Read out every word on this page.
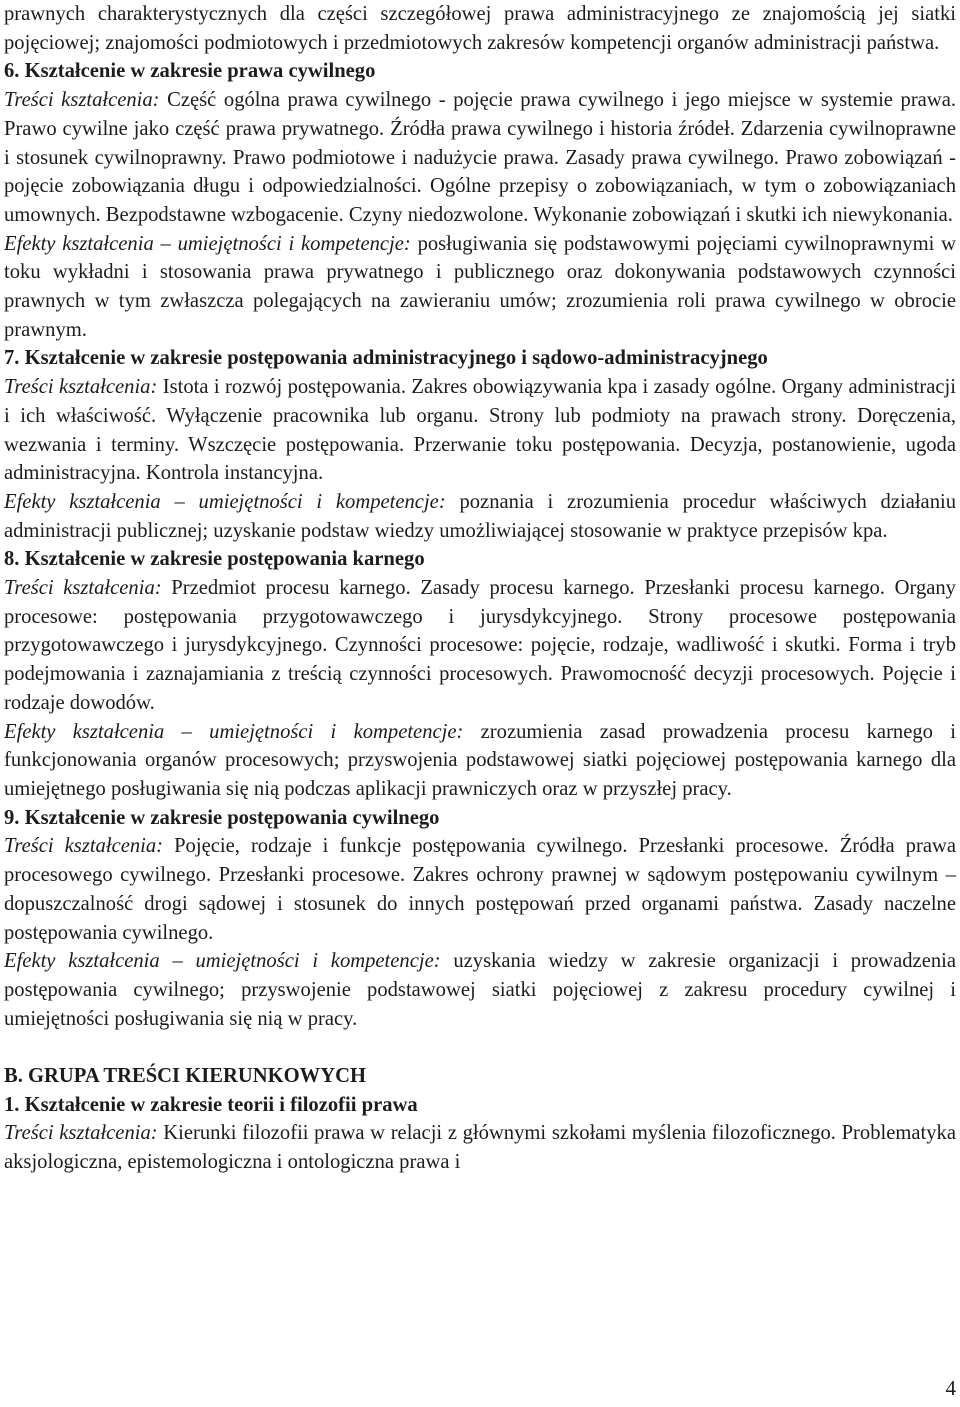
prawnych charakterystycznych dla części szczegółowej prawa administracyjnego ze znajomością jej siatki pojęciowej; znajomości podmiotowych i przedmiotowych zakresów kompetencji organów administracji państwa.

6. Kształcenie w zakresie prawa cywilnego

Treści kształcenia: Część ogólna prawa cywilnego - pojęcie prawa cywilnego i jego miejsce w systemie prawa. Prawo cywilne jako część prawa prywatnego. Źródła prawa cywilnego i historia źródeł. Zdarzenia cywilnoprawne i stosunek cywilnoprawny. Prawo podmiotowe i nadużycie prawa. Zasady prawa cywilnego. Prawo zobowiązań - pojęcie zobowiązania długu i odpowiedzialności. Ogólne przepisy o zobowiązaniach, w tym o zobowiązaniach umownych. Bezpodstawne wzbogacenie. Czyny niedozwolone. Wykonanie zobowiązań i skutki ich niewykonania.

Efekty kształcenia – umiejętności i kompetencje: posługiwania się podstawowymi pojęciami cywilnoprawnymi w toku wykładni i stosowania prawa prywatnego i publicznego oraz dokonywania podstawowych czynności prawnych w tym zwłaszcza polegających na zawieraniu umów; zrozumienia roli prawa cywilnego w obrocie prawnym.

7. Kształcenie w zakresie postępowania administracyjnego i sądowo-administracyjnego

Treści kształcenia: Istota i rozwój postępowania. Zakres obowiązywania kpa i zasady ogólne. Organy administracji i ich właściwość. Wyłączenie pracownika lub organu. Strony lub podmioty na prawach strony. Doręczenia, wezwania i terminy. Wszczęcie postępowania. Przerwanie toku postępowania. Decyzja, postanowienie, ugoda administracyjna. Kontrola instancyjna.

Efekty kształcenia – umiejętności i kompetencje: poznania i zrozumienia procedur właściwych działaniu administracji publicznej; uzyskanie podstaw wiedzy umożliwiającej stosowanie w praktyce przepisów kpa.

8. Kształcenie w zakresie postępowania karnego

Treści kształcenia: Przedmiot procesu karnego. Zasady procesu karnego. Przesłanki procesu karnego. Organy procesowe: postępowania przygotowawczego i jurysdykcyjnego. Strony procesowe postępowania przygotowawczego i jurysdykcyjnego. Czynności procesowe: pojęcie, rodzaje, wadliwość i skutki. Forma i tryb podejmowania i zaznajamiania z treścią czynności procesowych. Prawomocność decyzji procesowych. Pojęcie i rodzaje dowodów.

Efekty kształcenia – umiejętności i kompetencje: zrozumienia zasad prowadzenia procesu karnego i funkcjonowania organów procesowych; przyswojenia podstawowej siatki pojęciowej postępowania karnego dla umiejętnego posługiwania się nią podczas aplikacji prawniczych oraz w przyszłej pracy.

9. Kształcenie w zakresie postępowania cywilnego

Treści kształcenia: Pojęcie, rodzaje i funkcje postępowania cywilnego. Przesłanki procesowe. Źródła prawa procesowego cywilnego. Przesłanki procesowe. Zakres ochrony prawnej w sądowym postępowaniu cywilnym – dopuszczalność drogi sądowej i stosunek do innych postępowań przed organami państwa. Zasady naczelne postępowania cywilnego.

Efekty kształcenia – umiejętności i kompetencje: uzyskania wiedzy w zakresie organizacji i prowadzenia postępowania cywilnego; przyswojenie podstawowej siatki pojęciowej z zakresu procedury cywilnej i umiejętności posługiwania się nią w pracy.

B. GRUPA TREŚCI KIERUNKOWYCH

1. Kształcenie w zakresie teorii i filozofii prawa

Treści kształcenia: Kierunki filozofii prawa w relacji z głównymi szkołami myślenia filozoficznego. Problematyka aksjologiczna, epistemologiczna i ontologiczna prawa i

4
